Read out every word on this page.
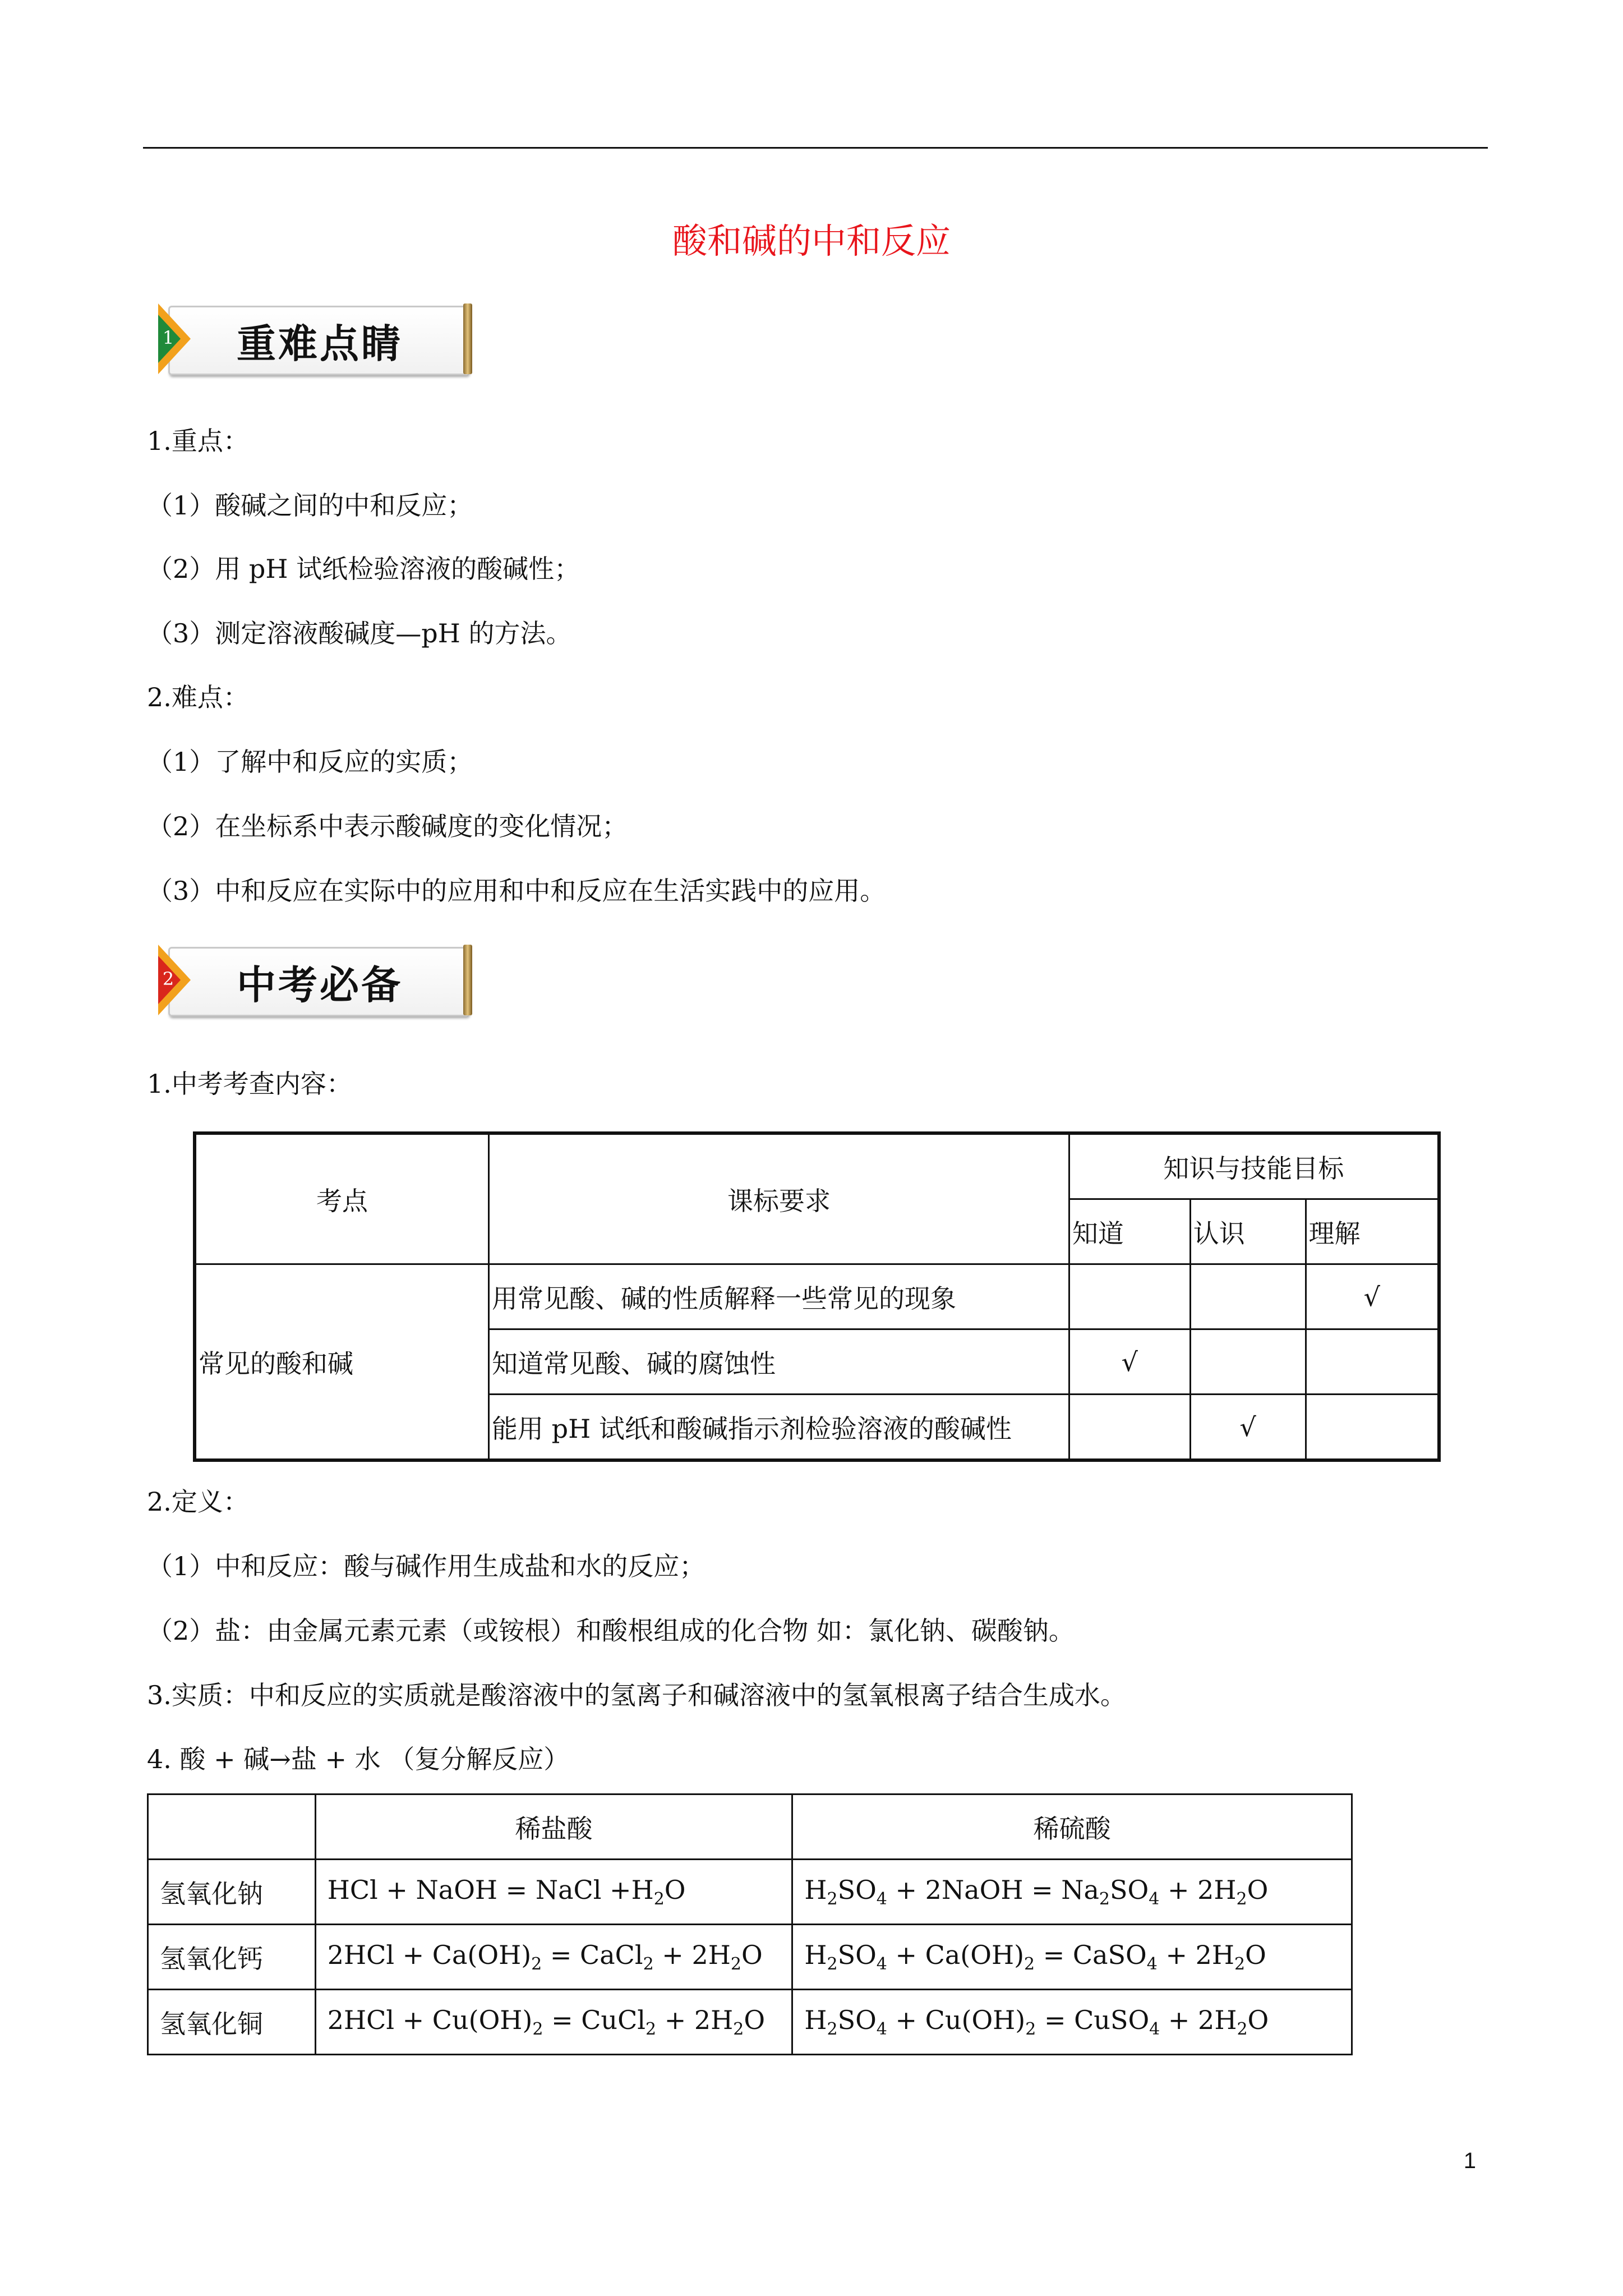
酸和碱的中和反应
1 重难点睛
1.重点：
（1）酸碱之间的中和反应；
（2）用 pH 试纸检验溶液的酸碱性；
（3）测定溶液酸碱度—pH 的方法。
2.难点：
（1）了解中和反应的实质；
（2）在坐标系中表示酸碱度的变化情况；
（3）中和反应在实际中的应用和中和反应在生活实践中的应用。
2 中考必备
1.中考考查内容：
考点	课标要求	知识与技能目标		
		知道	认识	理解
常见的酸和碱	用常见酸、碱的性质解释一些常见的现象			√
	知道常见酸、碱的腐蚀性	√		
	能用 pH 试纸和酸碱指示剂检验溶液的酸碱性		√	
2.定义：
（1）中和反应：酸与碱作用生成盐和水的反应；
（2）盐：由金属元素元素（或铵根）和酸根组成的化合物 如：氯化钠、碳酸钠。
3.实质：中和反应的实质就是酸溶液中的氢离子和碱溶液中的氢氧根离子结合生成水。
4. 酸 + 碱→盐 + 水 （复分解反应）
	稀盐酸	稀硫酸
氢氧化钠	HCl + NaOH = NaCl $+H_2O$	$H_2SO_4$ + 2NaOH = $Na_2SO_4 + 2H_2O$
氢氧化钙	$2HCl + Ca(OH)_2$ = CaCl$_2$ + $2H_2O$	$H_2SO_4 + Ca(OH)_2$ = CaSO$_4$ + $2H_2O$
氢氧化铜	$2HCl + Cu(OH)_2$ = CuCl$_2$ + $2H_2O$	$H_2SO_4 + Cu(OH)_2$ = CuSO$_4$ + $2H_2O$
1
